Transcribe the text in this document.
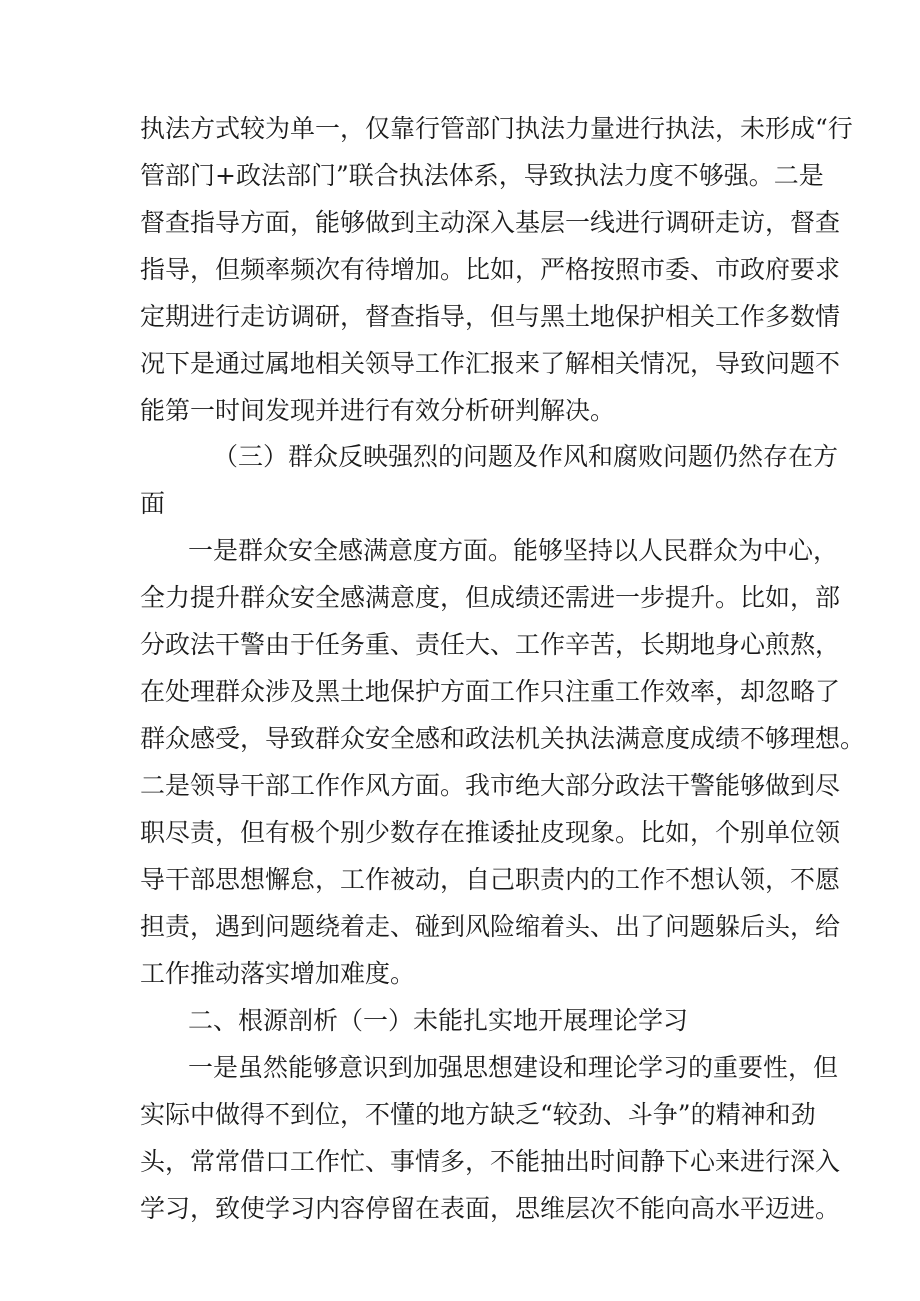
执法方式较为单一，仅靠行管部门执法力量进行执法，未形成“行

管部门+政法部门”联合执法体系，导致执法力度不够强。二是

督查指导方面，能够做到主动深入基层一线进行调研走访，督查

指导，但频率频次有待增加。比如，严格按照市委、市政府要求

定期进行走访调研，督查指导，但与黑土地保护相关工作多数情

况下是通过属地相关领导工作汇报来了解相关情况，导致问题不

能第一时间发现并进行有效分析研判解决。

（三）群众反映强烈的问题及作风和腐败问题仍然存在方

面

一是群众安全感满意度方面。能够坚持以人民群众为中心，

全力提升群众安全感满意度，但成绩还需进一步提升。比如，部

分政法干警由于任务重、责任大、工作辛苦，长期地身心煎熬，

在处理群众涉及黑土地保护方面工作只注重工作效率，却忽略了

群众感受，导致群众安全感和政法机关执法满意度成绩不够理想。

二是领导干部工作作风方面。我市绝大部分政法干警能够做到尽

职尽责，但有极个别少数存在推诿扯皮现象。比如，个别单位领

导干部思想懈怠，工作被动，自己职责内的工作不想认领，不愿

担责，遇到问题绕着走、碰到风险缩着头、出了问题躲后头，给

工作推动落实增加难度。

二、根源剖析（一）未能扎实地开展理论学习

一是虽然能够意识到加强思想建设和理论学习的重要性，但

实际中做得不到位，不懂的地方缺乏“较劲、斗争”的精神和劲

头，常常借口工作忙、事情多，不能抽出时间静下心来进行深入

学习，致使学习内容停留在表面，思维层次不能向高水平迈进。
